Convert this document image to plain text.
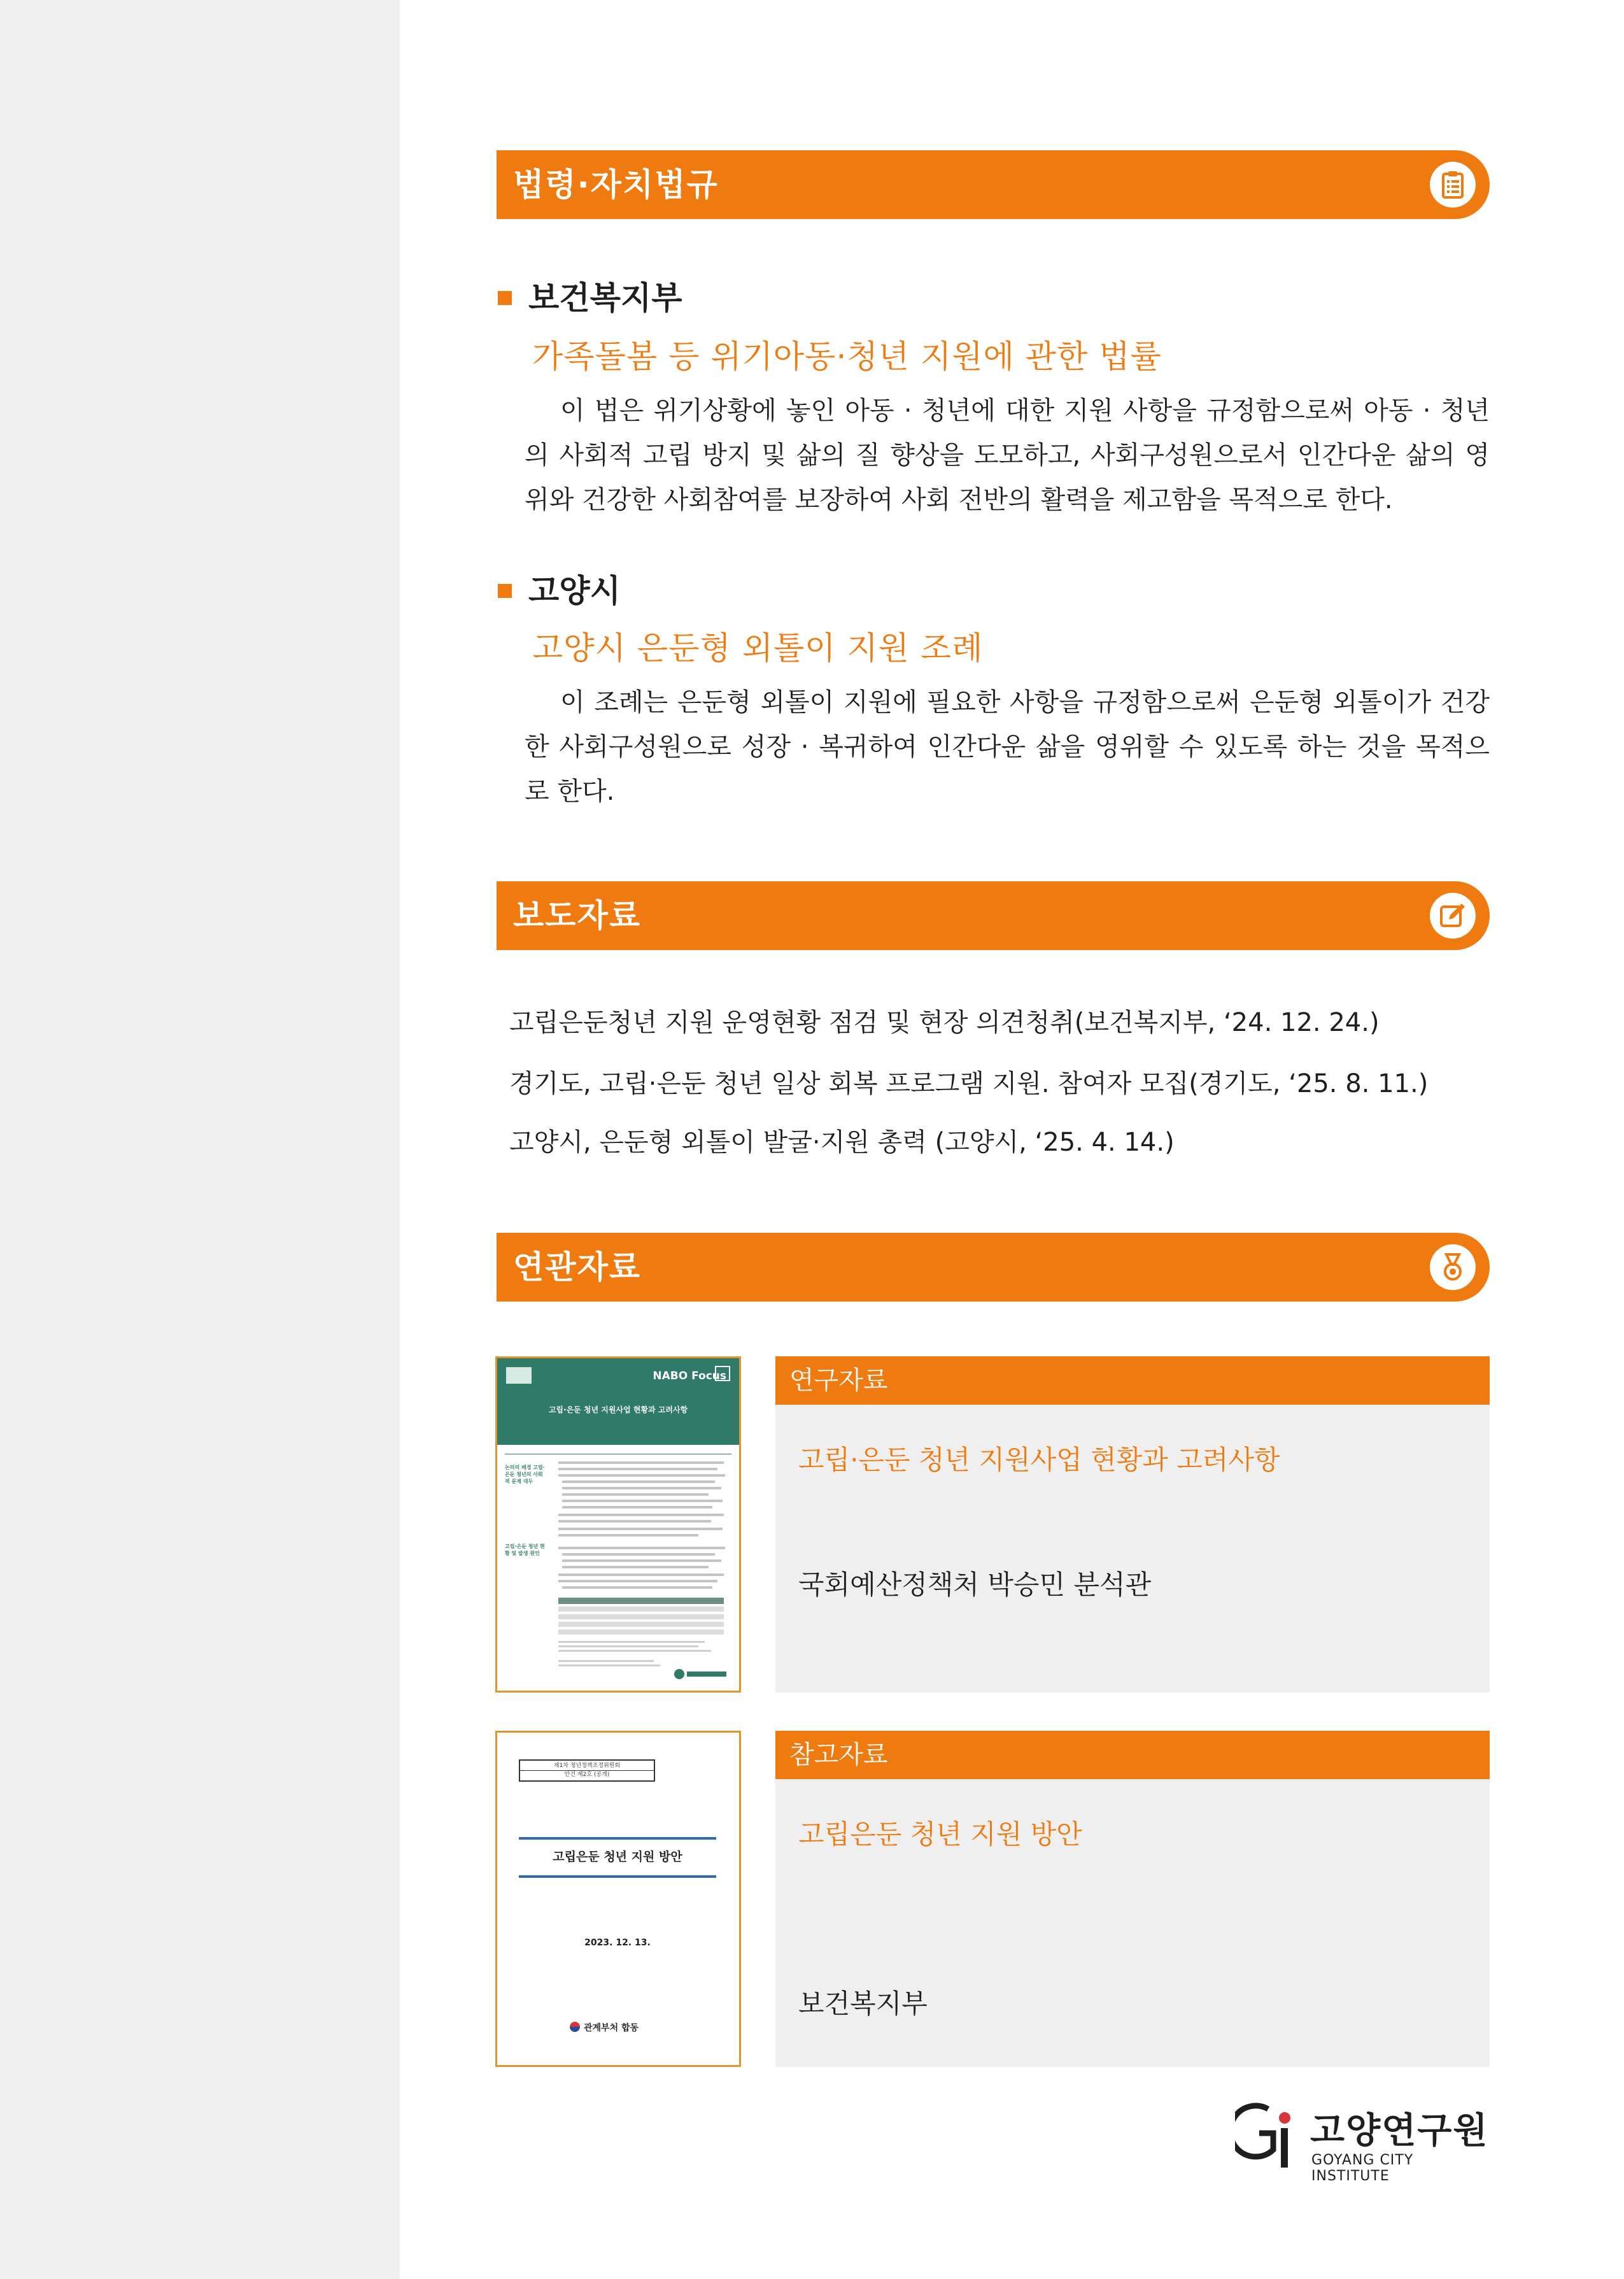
법령·자치법규
보건복지부
가족돌봄 등 위기아동·청년 지원에 관한 법률

이 법은 위기상황에 놓인 아동 · 청년에 대한 지원 사항을 규정함으로써 아동 · 청년의 사회적 고립 방지 및 삶의 질 향상을 도모하고, 사회구성원으로서 인간다운 삶의 영위와 건강한 사회참여를 보장하여 사회 전반의 활력을 제고함을 목적으로 한다.

고양시
고양시 은둔형 외톨이 지원 조례

이 조례는 은둔형 외톨이 지원에 필요한 사항을 규정함으로써 은둔형 외톨이가 건강한 사회구성원으로 성장 · 복귀하여 인간다운 삶을 영위할 수 있도록 하는 것을 목적으로 한다.

보도자료
고립은둔청년 지원 운영현황 점검 및 현장 의견청취(보건복지부, ‘24. 12. 24.)
경기도, 고립·은둔 청년 일상 회복 프로그램 지원. 참여자 모집(경기도, ‘25. 8. 11.)
고양시, 은둔형 외톨이 발굴·지원 총력 (고양시, ‘25. 4. 14.)
연관자료
NABO Focus
고립·은둔 청년 지원사업 현황과 고려사항
논의의 배경 고립·은둔 청년의 사회적 문제 대두
고립·은둔 청년 현황 및 발생 원인
연구자료
고립·은둔 청년 지원사업 현황과 고려사항
국회예산정책처 박승민 분석관
제1차 청년정책조정위원회
안건 제2호 (공개)
고립은둔 청년 지원 방안
2023. 12. 13.
관계부처 합동
참고자료
고립은둔 청년 지원 방안
보건복지부
고양연구원
GOYANG CITY INSTITUTE
